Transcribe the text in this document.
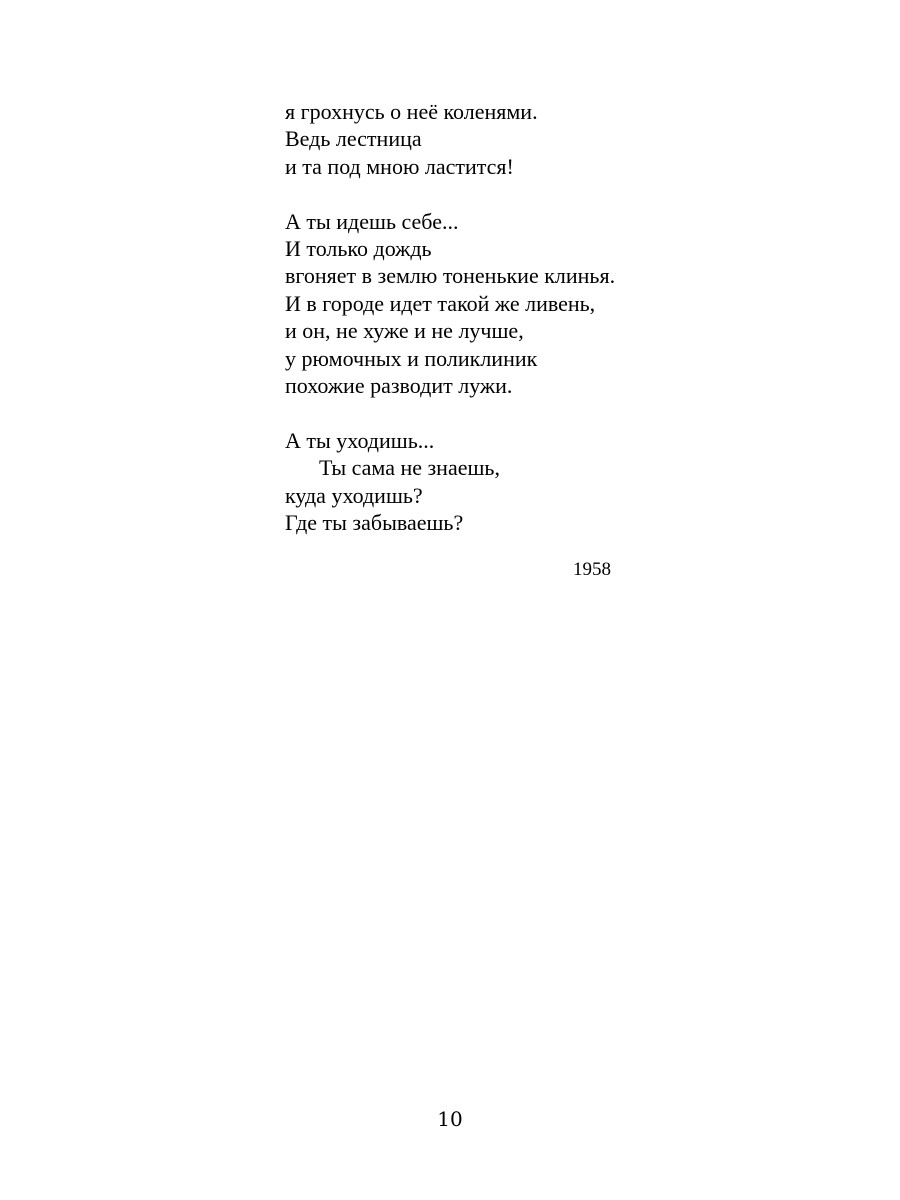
я грохнусь о неё коленями.
Ведь лестница
и та под мною ластится!
А ты идешь себе...
И только дождь
вгоняет в землю тоненькие клинья.
И в городе идет такой же ливень,
и он, не хуже и не лучше,
у рюмочных и поликлиник
похожие разводит лужи.
А ты уходишь...
Ты сама не знаешь,
куда уходишь?
Где ты забываешь?
1958
10
